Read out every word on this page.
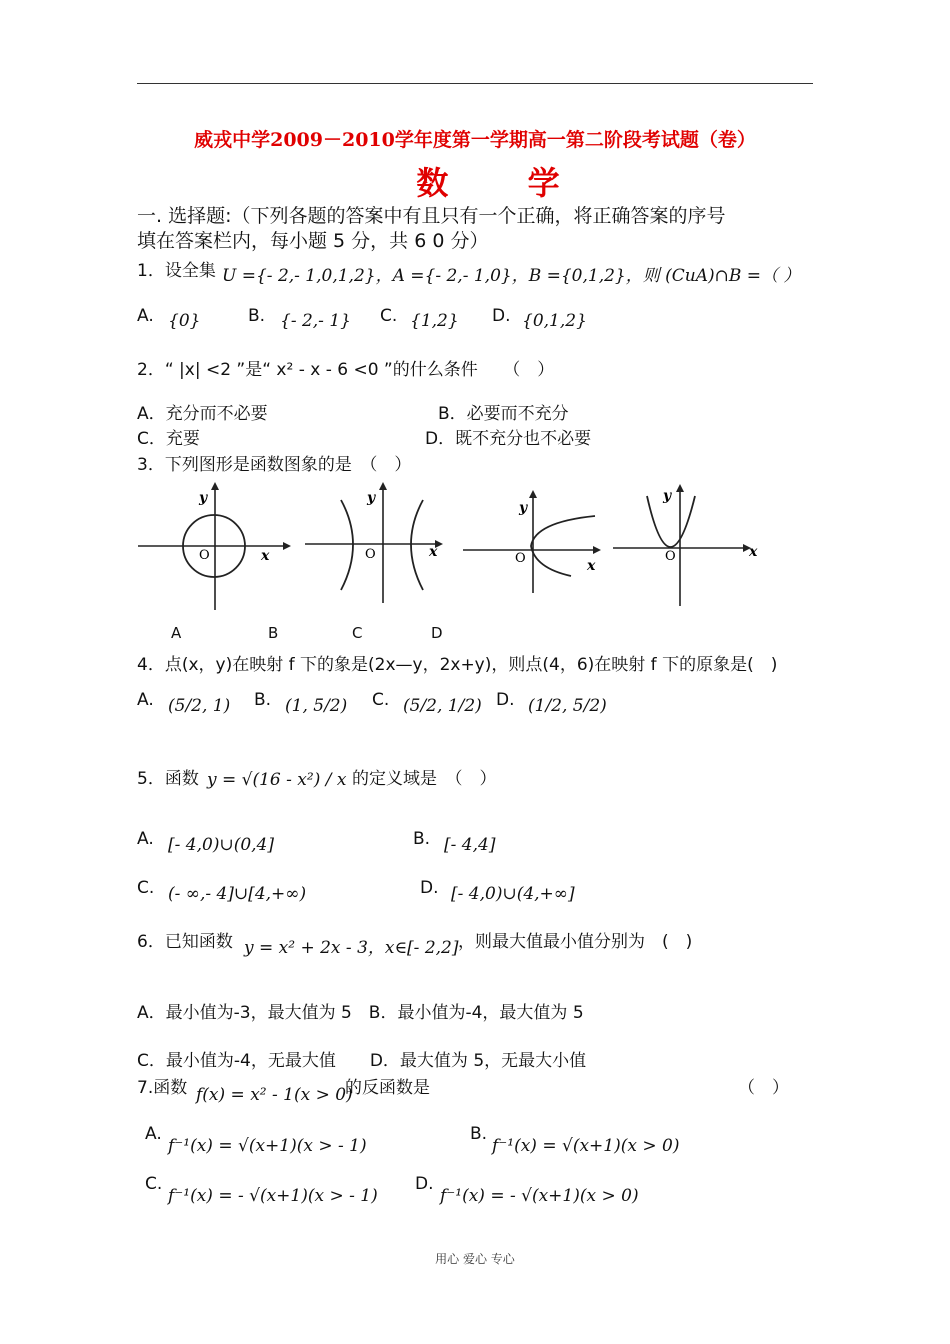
威戎中学2009－2010学年度第一学期高一第二阶段考试题（卷）
数 学
一. 选择题:（下列各题的答案中有且只有一个正确，将正确答案的序号
填在答案栏内，每小题 5 分，共 6 0 分）
1．设全集 U ={- 2,- 1,0,1,2}，A ={- 2,- 1,0}，B ={0,1,2}，则 (CuA)∩B =（ ）
A. {0}	B. {- 2,- 1} C. {1,2} D. {0,1,2}
2．“ |x| <2 ”是“ x² - x - 6 <0 ”的什么条件　　（　）
A．充分而不必要	B．必要而不充分
C．充要	D．既不充分也不必要
3．下列图形是函数图象的是　（　）
O	x
y
O	x
y
O	x
y
O	x
y
A	B	C	D
4．点(x，y)在映射 f 下的象是(2x—y，2x+y)，则点(4，6)在映射 f 下的原象是(　)
A. (5/2, 1) B. (1, 5/2) C. (5/2, 1/2) D. (1/2, 5/2)
5．函数 y = √(16 - x²) / x 的定义域是　（　）
A. [- 4,0)∪(0,4]	B. [- 4,4]
C. (- ∞,- 4]∪[4,+∞)	D. [- 4,0)∪(4,+∞]
6．已知函数 y = x² + 2x - 3，x∈[- 2,2] ，则最大值最小值分别为　(　)
A．最小值为-3，最大值为 5　B．最小值为-4，最大值为 5
C．最小值为-4，无最大值　　D．最大值为 5，无最大小值
7.函数 f(x) = x² - 1(x > 0)
的反函数是	（　）
A.
f⁻¹(x) = √(x+1)(x > - 1)
B.
f⁻¹(x) = √(x+1)(x > 0)
C.
f⁻¹(x) = - √(x+1)(x > - 1)
D.
f⁻¹(x) = - √(x+1)(x > 0)
用心 爱心 专心
